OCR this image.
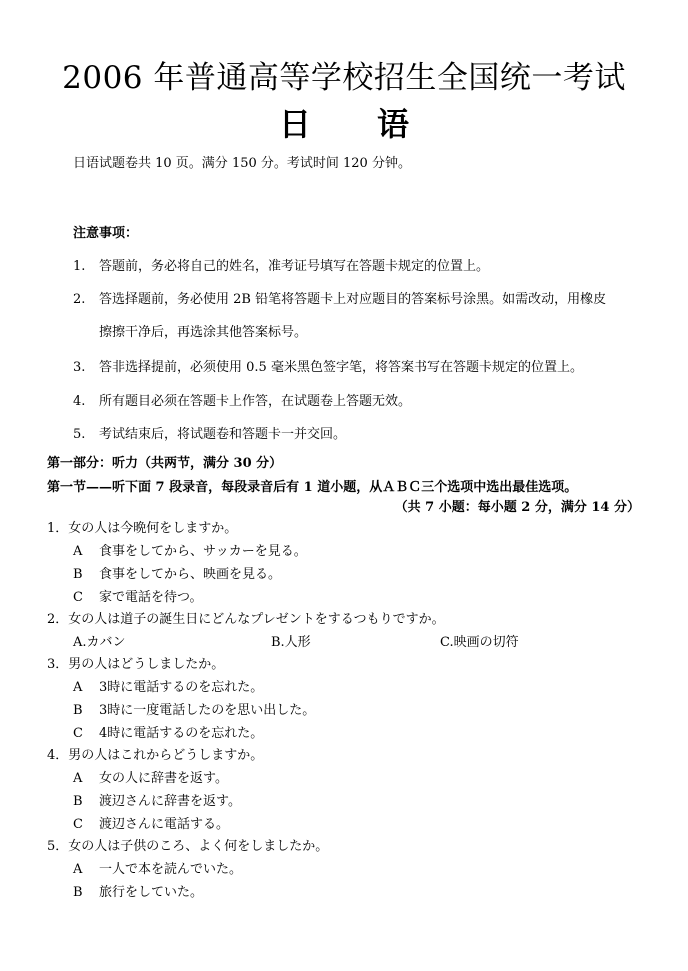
2006 年普通高等学校招生全国统一考试
日语
日语试题卷共 10 页。满分 150 分。考试时间 120 分钟。
注意事项：
1. 答题前，务必将自己的姓名，准考证号填写在答题卡规定的位置上。
2. 答选择题前，务必使用 2B 铅笔将答题卡上对应题目的答案标号涂黑。如需改动，用橡皮
擦擦干净后，再选涂其他答案标号。
3. 答非选择提前，必须使用 0.5 毫米黑色签字笔，将答案书写在答题卡规定的位置上。
4. 所有题目必须在答题卡上作答，在试题卷上答题无效。
5. 考试结束后，将试题卷和答题卡一并交回。
第一部分：听力（共两节，满分 30 分）
第一节——听下面 7 段录音，每段录音后有 1 道小题，从ＡＢＣ三个选项中选出最佳选项。
（共 7 小题：每小题 2 分，满分 14 分）
1．女の人は今晩何をしますか。
A 食事をしてから、サッカーを見る。
B 食事をしてから、映画を見る。
C 家で電話を待つ。
2．女の人は道子の誕生日にどんなプレゼントをするつもりですか。
A.カバン	B.人形	C.映画の切符
3．男の人はどうしましたか。
A 3時に電話するのを忘れた。
B 3時に一度電話したのを思い出した。
C 4時に電話するのを忘れた。
4．男の人はこれからどうしますか。
A 女の人に辞書を返す。
B 渡辺さんに辞書を返す。
C 渡辺さんに電話する。
5．女の人は子供のころ、よく何をしましたか。
A 一人で本を読んでいた。
B 旅行をしていた。
